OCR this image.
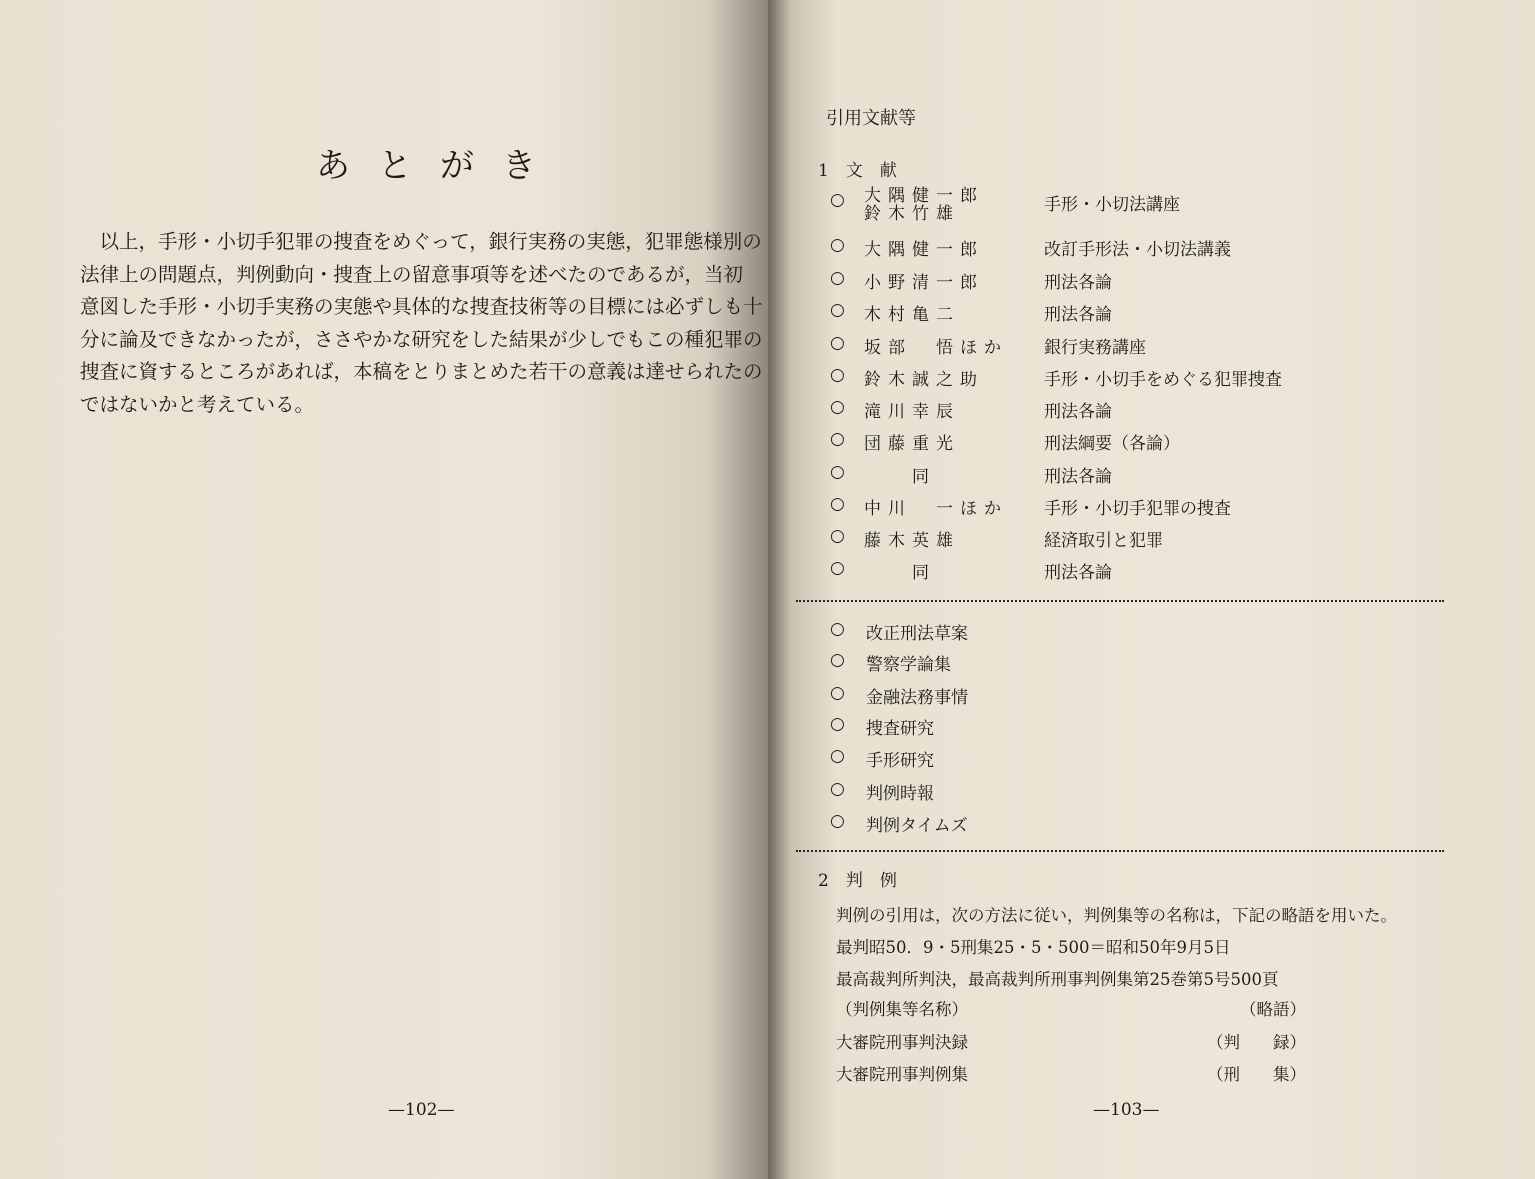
あとがき
　以上，手形・小切手犯罪の捜査をめぐって，銀行実務の実態，犯罪態様別の
法律上の問題点，判例動向・捜査上の留意事項等を述べたのであるが，当初
意図した手形・小切手実務の実態や具体的な捜査技術等の目標には必ずしも十
分に論及できなかったが，ささやかな研究をした結果が少しでもこの種犯罪の
捜査に資するところがあれば，本稿をとりまとめた若干の意義は達せられたの
ではないかと考えている。
—102—
引用文献等
1　文　献
○ 大隅健一郎
鈴木竹雄	手形・小切法講座
○ 大隅健一郎	改訂手形法・小切法講義
○ 小野清一郎	刑法各論
○ 木村亀二	刑法各論
○ 坂部　悟ほか 銀行実務講座
○ 鈴木誠之助	手形・小切手をめぐる犯罪捜査
○ 滝川幸辰	刑法各論
○ 団藤重光	刑法綱要（各論）
○ 　　同	刑法各論
○ 中川　一ほか 手形・小切手犯罪の捜査
○ 藤木英雄	経済取引と犯罪
○ 　　同	刑法各論
○ 改正刑法草案
○ 警察学論集
○ 金融法務事情
○ 捜査研究
○ 手形研究
○ 判例時報
○ 判例タイムズ
2　判　例
判例の引用は，次の方法に従い，判例集等の名称は，下記の略語を用いた。
最判昭50．9・5刑集25・5・500＝昭和50年9月5日
最高裁判所判決，最高裁判所刑事判例集第25巻第5号500頁
（判例集等名称）	（略語）
大審院刑事判決録	（判　　録）
大審院刑事判例集	（刑　　集）
—103—
